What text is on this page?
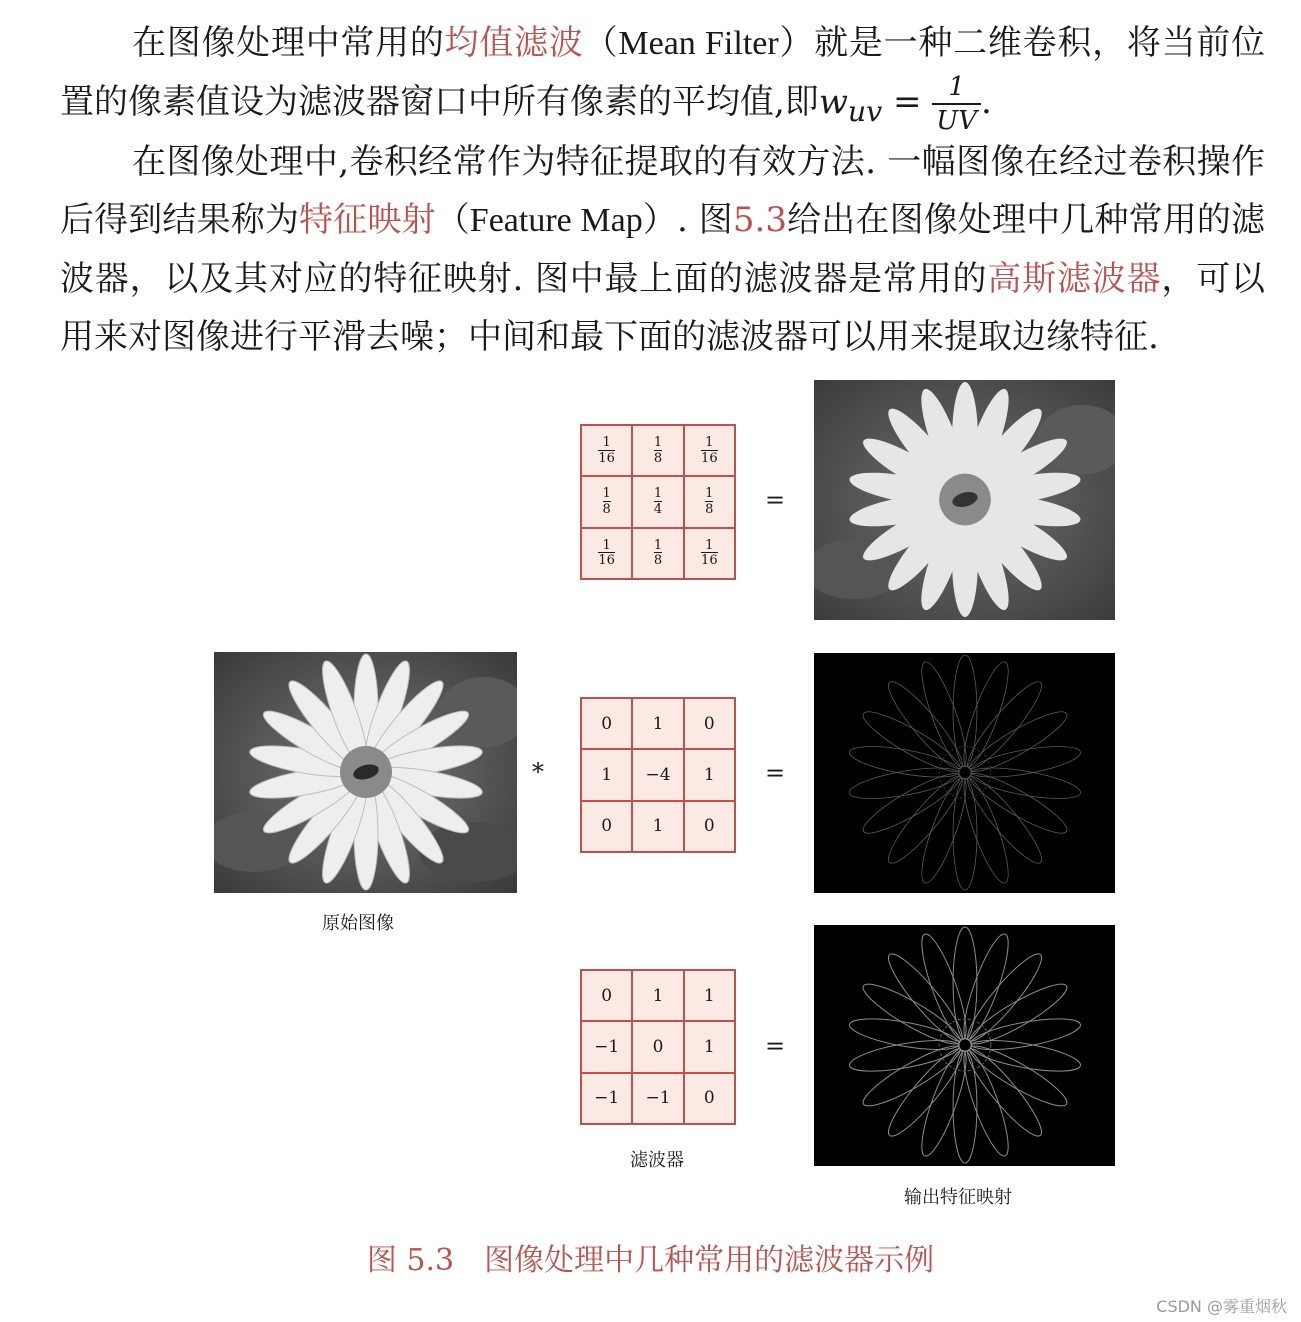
在图像处理中常用的均值滤波（Mean Filter）就是一种二维卷积，将当前位置的像素值设为滤波器窗口中所有像素的平均值,即$w_{uv} = \frac{1}{UV}$ .

在图像处理中,卷积经常作为特征提取的有效方法. 一幅图像在经过卷积操作后得到结果称为特征映射（Feature Map）. 图5.3给出在图像处理中几种常用的滤波器，以及其对应的特征映射. 图中最上面的滤波器是常用的高斯滤波器，可以用来对图像进行平滑去噪；中间和最下面的滤波器可以用来提取边缘特征.

$\frac{1}{16}$	$\frac{1}{8}$	$\frac{1}{16}$
$\frac{1}{8}$	$\frac{1}{4}$	$\frac{1}{8}$
$\frac{1}{16}$	$\frac{1}{8}$	$\frac{1}{16}$
0	1	0
1	−4	1
0	1	0
0	1	1
−1	0	1
−1	−1	0
*
=
=
=
原始图像
滤波器
输出特征映射
图 5.3　图像处理中几种常用的滤波器示例
CSDN @雾重烟秋
